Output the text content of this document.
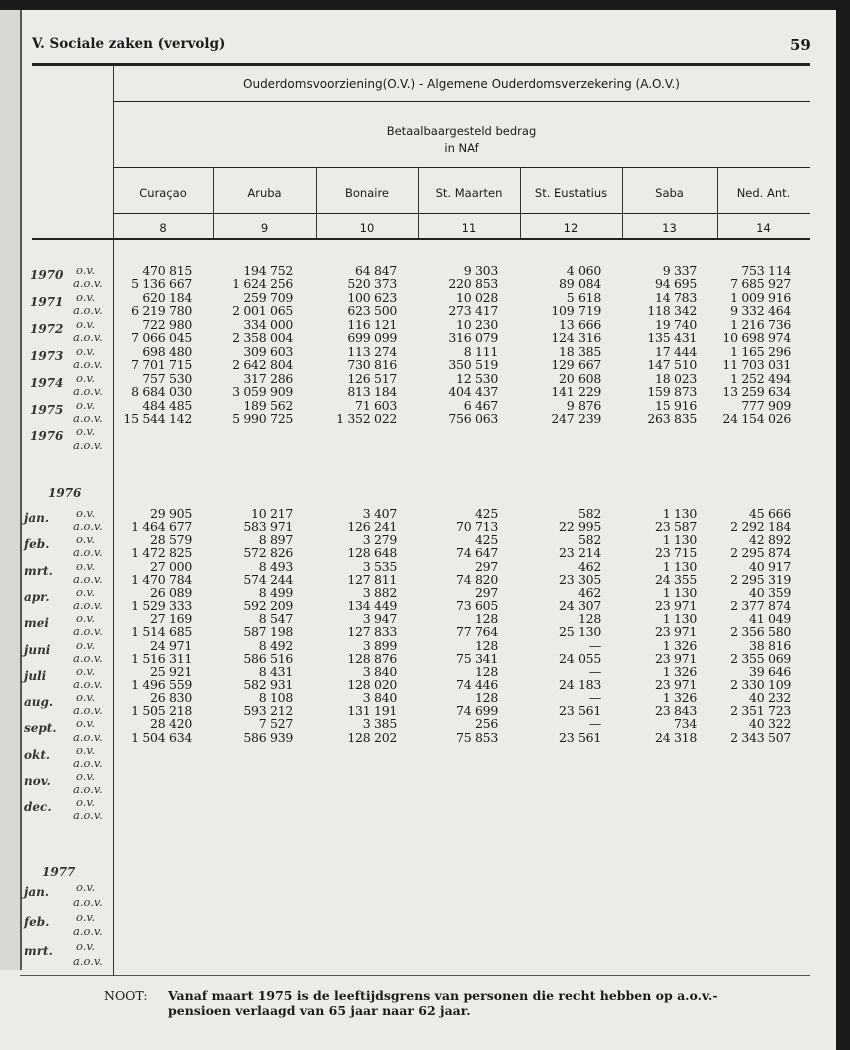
V. Sociale zaken (vervolg)	59
Ouderdomsvoorziening(O.V.) - Algemene Ouderdomsverzekering (A.O.V.)
Betaalbaargesteld bedrag
in NAf
Curaçao
8
Aruba
9
Bonaire
10
St. Maarten
11
St. Eustatius
12
Saba
13
Ned. Ant.
14
1970 o.v.	470 815	194 752	64 847	9 303	4 060	9 337	753 114
a.o.v.	5 136 667	1 624 256	520 373	220 853	89 084	94 695	7 685 927
1971 o.v.	620 184	259 709	100 623	10 028	5 618	14 783	1 009 916
a.o.v.	6 219 780	2 001 065	623 500	273 417	109 719	118 342	9 332 464
1972 o.v.	722 980	334 000	116 121	10 230	13 666	19 740	1 216 736
a.o.v.	7 066 045	2 358 004	699 099	316 079	124 316	135 431	10 698 974
1973 o.v.	698 480	309 603	113 274	8 111	18 385	17 444	1 165 296
a.o.v.	7 701 715	2 642 804	730 816	350 519	129 667	147 510	11 703 031
1974 o.v.	757 530	317 286	126 517	12 530	20 608	18 023	1 252 494
a.o.v.	8 684 030	3 059 909	813 184	404 437	141 229	159 873	13 259 634
1975 o.v.	484 485	189 562	71 603	6 467	9 876	15 916	777 909
a.o.v.	15 544 142	5 990 725	1 352 022	756 063	247 239	263 835	24 154 026
1976 o.v.
a.o.v.
jan. o.v.	29 905	10 217	3 407	425	582	1 130	45 666
a.o.v.	1 464 677	583 971	126 241	70 713	22 995	23 587	2 292 184
feb. o.v.	28 579	8 897	3 279	425	582	1 130	42 892
a.o.v.	1 472 825	572 826	128 648	74 647	23 214	23 715	2 295 874
mrt. o.v.	27 000	8 493	3 535	297	462	1 130	40 917
a.o.v.	1 470 784	574 244	127 811	74 820	23 305	24 355	2 295 319
apr. o.v.	26 089	8 499	3 882	297	462	1 130	40 359
a.o.v.	1 529 333	592 209	134 449	73 605	24 307	23 971	2 377 874
mei o.v.	27 169	8 547	3 947	128	128	1 130	41 049
a.o.v.	1 514 685	587 198	127 833	77 764	25 130	23 971	2 356 580
juni o.v.	24 971	8 492	3 899	128	—	1 326	38 816
a.o.v.	1 516 311	586 516	128 876	75 341	24 055	23 971	2 355 069
juli	o.v.	25 921	8 431	3 840	128	—	1 326	39 646
a.o.v.	1 496 559	582 931	128 020	74 446	24 183	23 971	2 330 109
aug. o.v.	26 830	8 108	3 840	128	—	1 326	40 232
a.o.v.	1 505 218	593 212	131 191	74 699	23 561	23 843	2 351 723
sept. o.v.	28 420	7 527	3 385	256	—	734	40 322
a.o.v.	1 504 634	586 939	128 202	75 853	23 561	24 318	2 343 507
okt. o.v.
a.o.v.
nov. o.v.
a.o.v.
dec. o.v.
a.o.v.
jan. o.v.
a.o.v.
feb. o.v.
a.o.v.
mrt. o.v.
a.o.v.
1976
1977
NOOT: Vanaf maart 1975 is de leeftijdsgrens van personen die recht hebben op a.o.v.-
pensioen verlaagd van 65 jaar naar 62 jaar.
